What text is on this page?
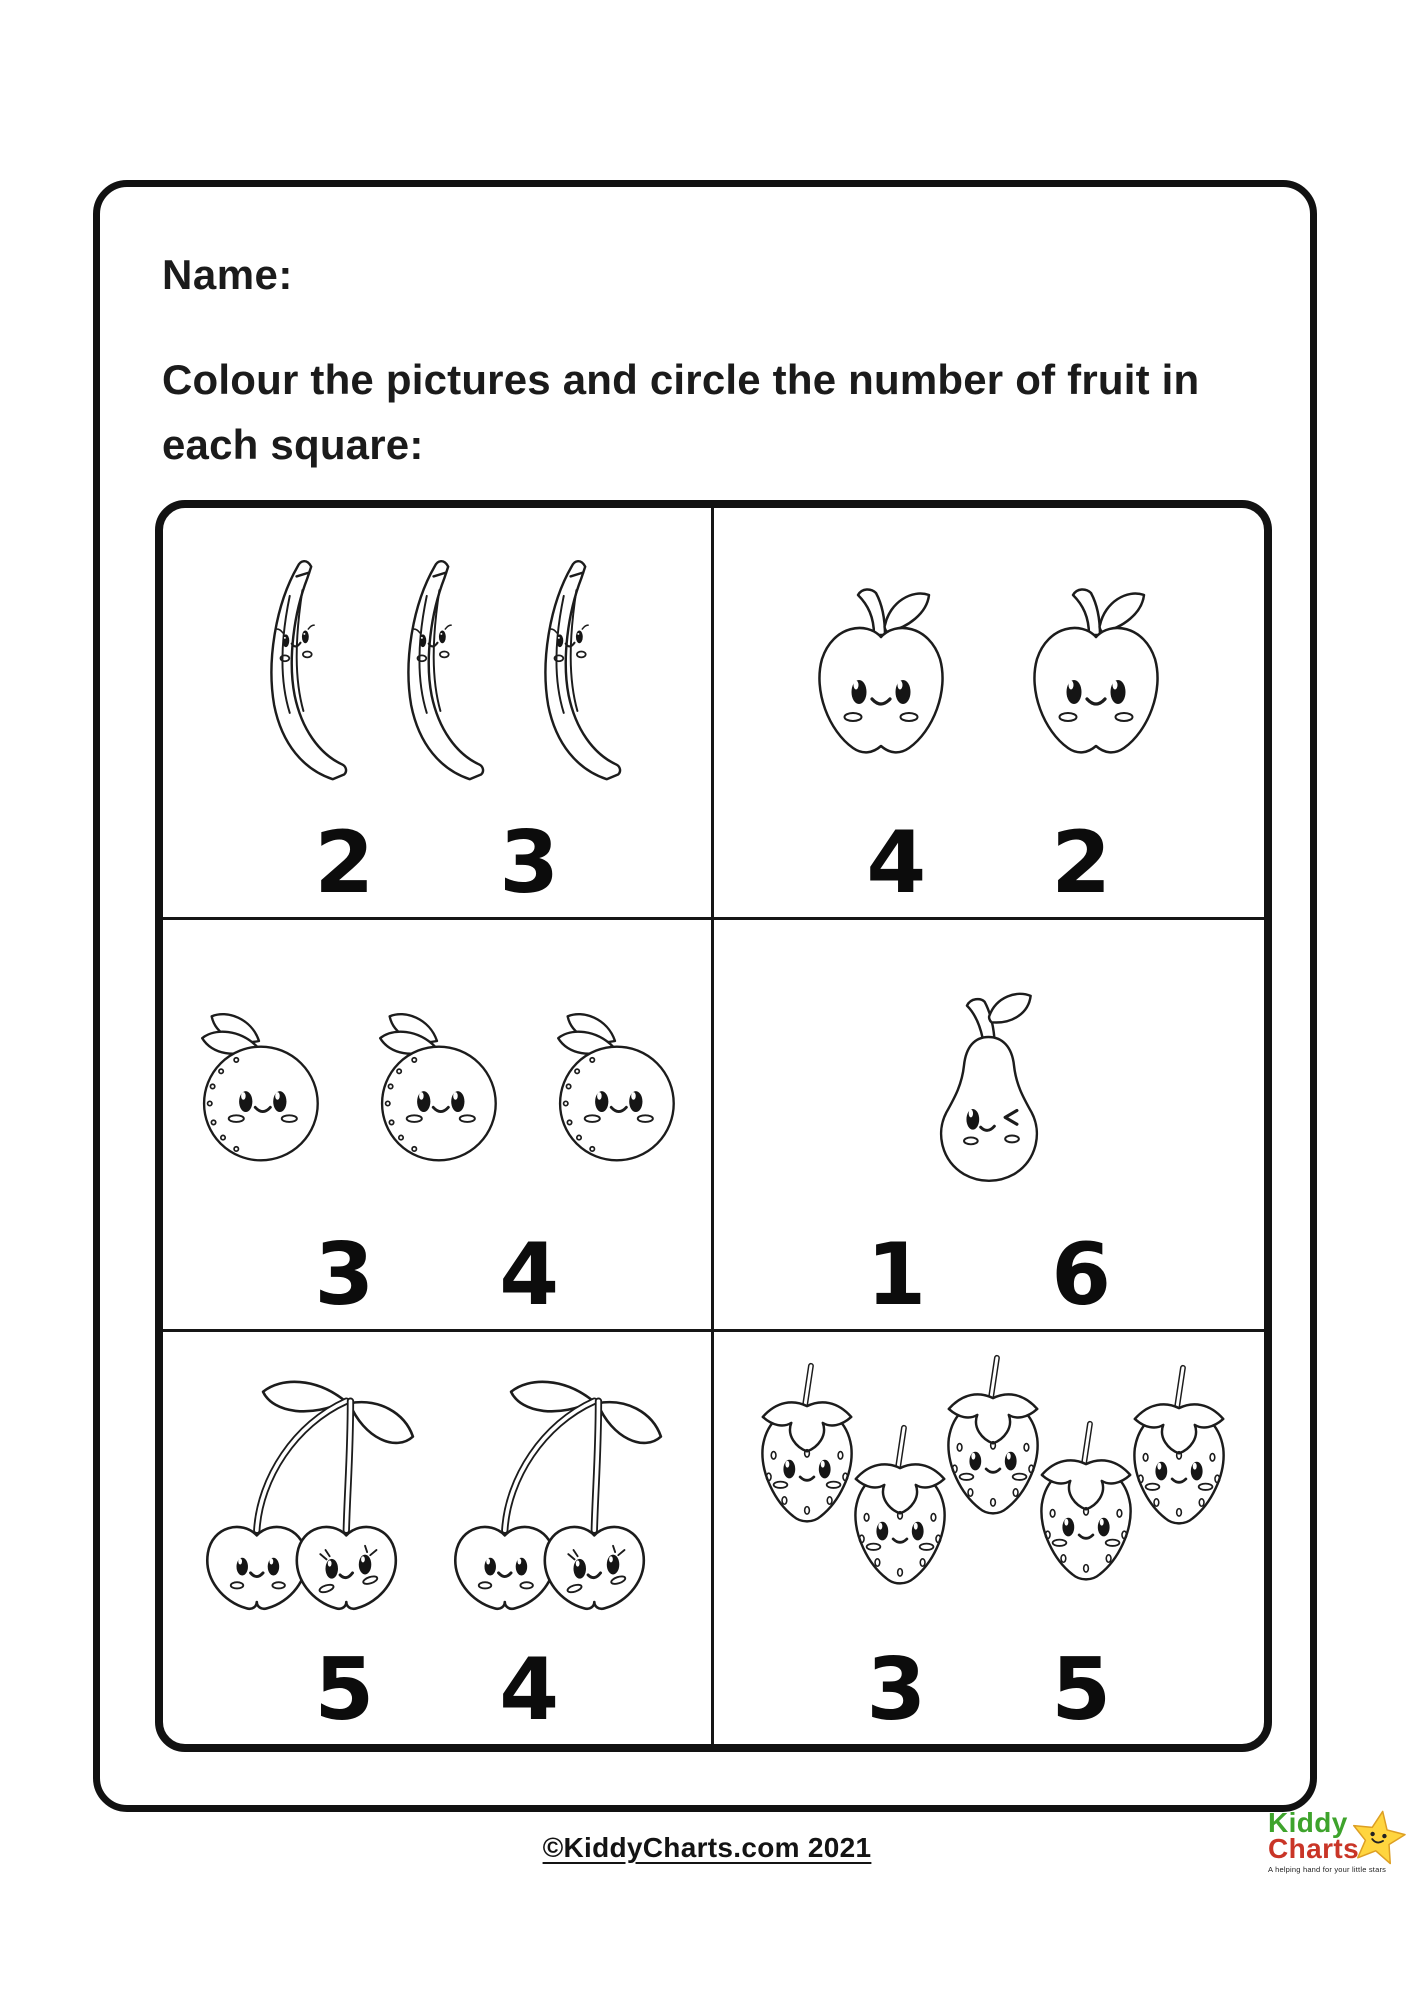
Name:
Colour the pictures and circle the number of fruit in
each square:
2 3	4 2
3 4	1 6
5 4	3 5
©KiddyCharts.com 2021
Kiddy
Charts
A helping hand for your little stars
